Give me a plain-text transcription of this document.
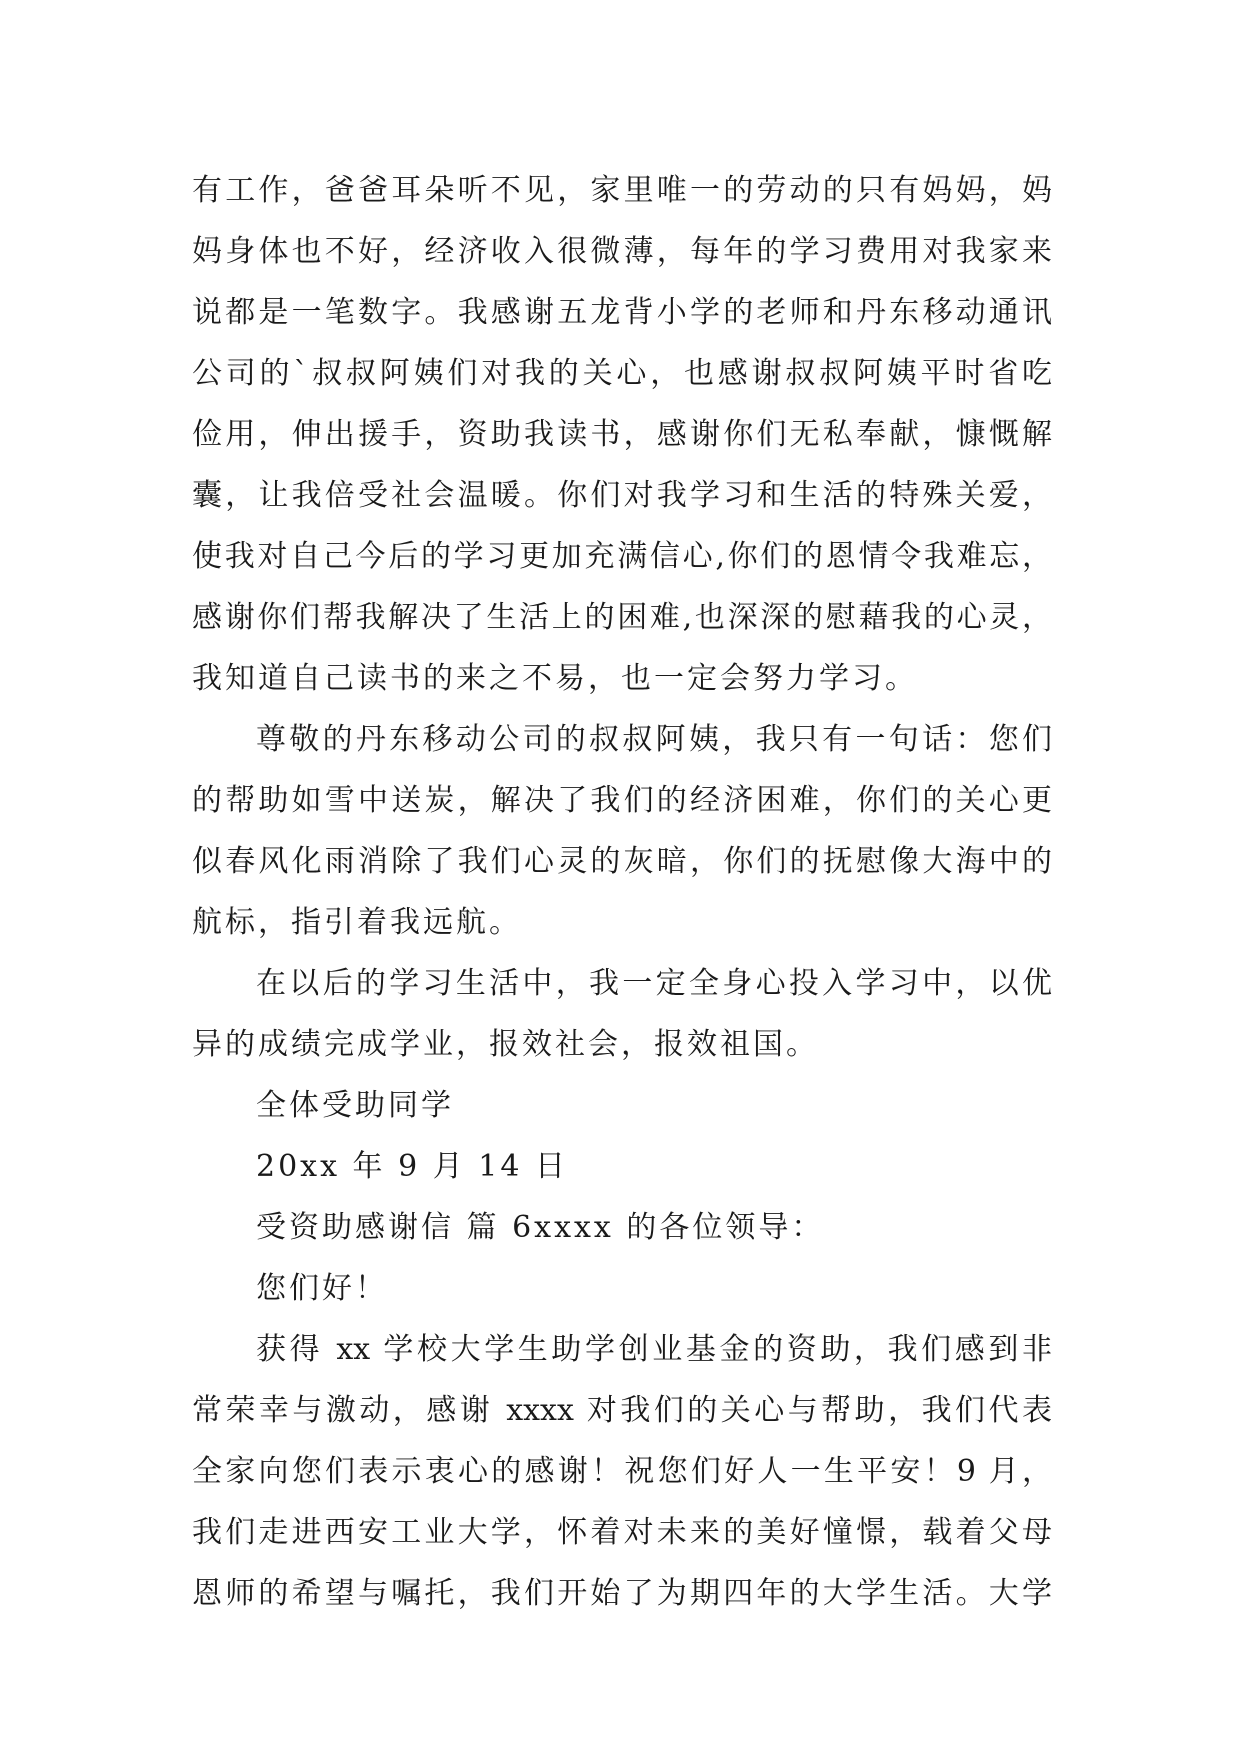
有工作，爸爸耳朵听不见，家里唯一的劳动的只有妈妈，妈
妈身体也不好，经济收入很微薄，每年的学习费用对我家来
说都是一笔数字。我感谢五龙背小学的老师和丹东移动通讯
公司的`叔叔阿姨们对我的关心，也感谢叔叔阿姨平时省吃
俭用，伸出援手，资助我读书，感谢你们无私奉献，慷慨解
囊，让我倍受社会温暖。你们对我学习和生活的特殊关爱，
使我对自己今后的学习更加充满信心,你们的恩情令我难忘，
感谢你们帮我解决了生活上的困难,也深深的慰藉我的心灵，
我知道自己读书的来之不易，也一定会努力学习。
尊敬的丹东移动公司的叔叔阿姨，我只有一句话：您们
的帮助如雪中送炭，解决了我们的经济困难，你们的关心更
似春风化雨消除了我们心灵的灰暗，你们的抚慰像大海中的
航标，指引着我远航。
在以后的学习生活中，我一定全身心投入学习中，以优
异的成绩完成学业，报效社会，报效祖国。
全体受助同学
20xx 年 9 月 14 日
受资助感谢信 篇 6xxxx 的各位领导：
您们好！
获得 xx 学校大学生助学创业基金的资助，我们感到非
常荣幸与激动，感谢 xxxx 对我们的关心与帮助，我们代表
全家向您们表示衷心的感谢！祝您们好人一生平安！9 月，
我们走进西安工业大学，怀着对未来的美好憧憬，载着父母
恩师的希望与嘱托，我们开始了为期四年的大学生活。大学
